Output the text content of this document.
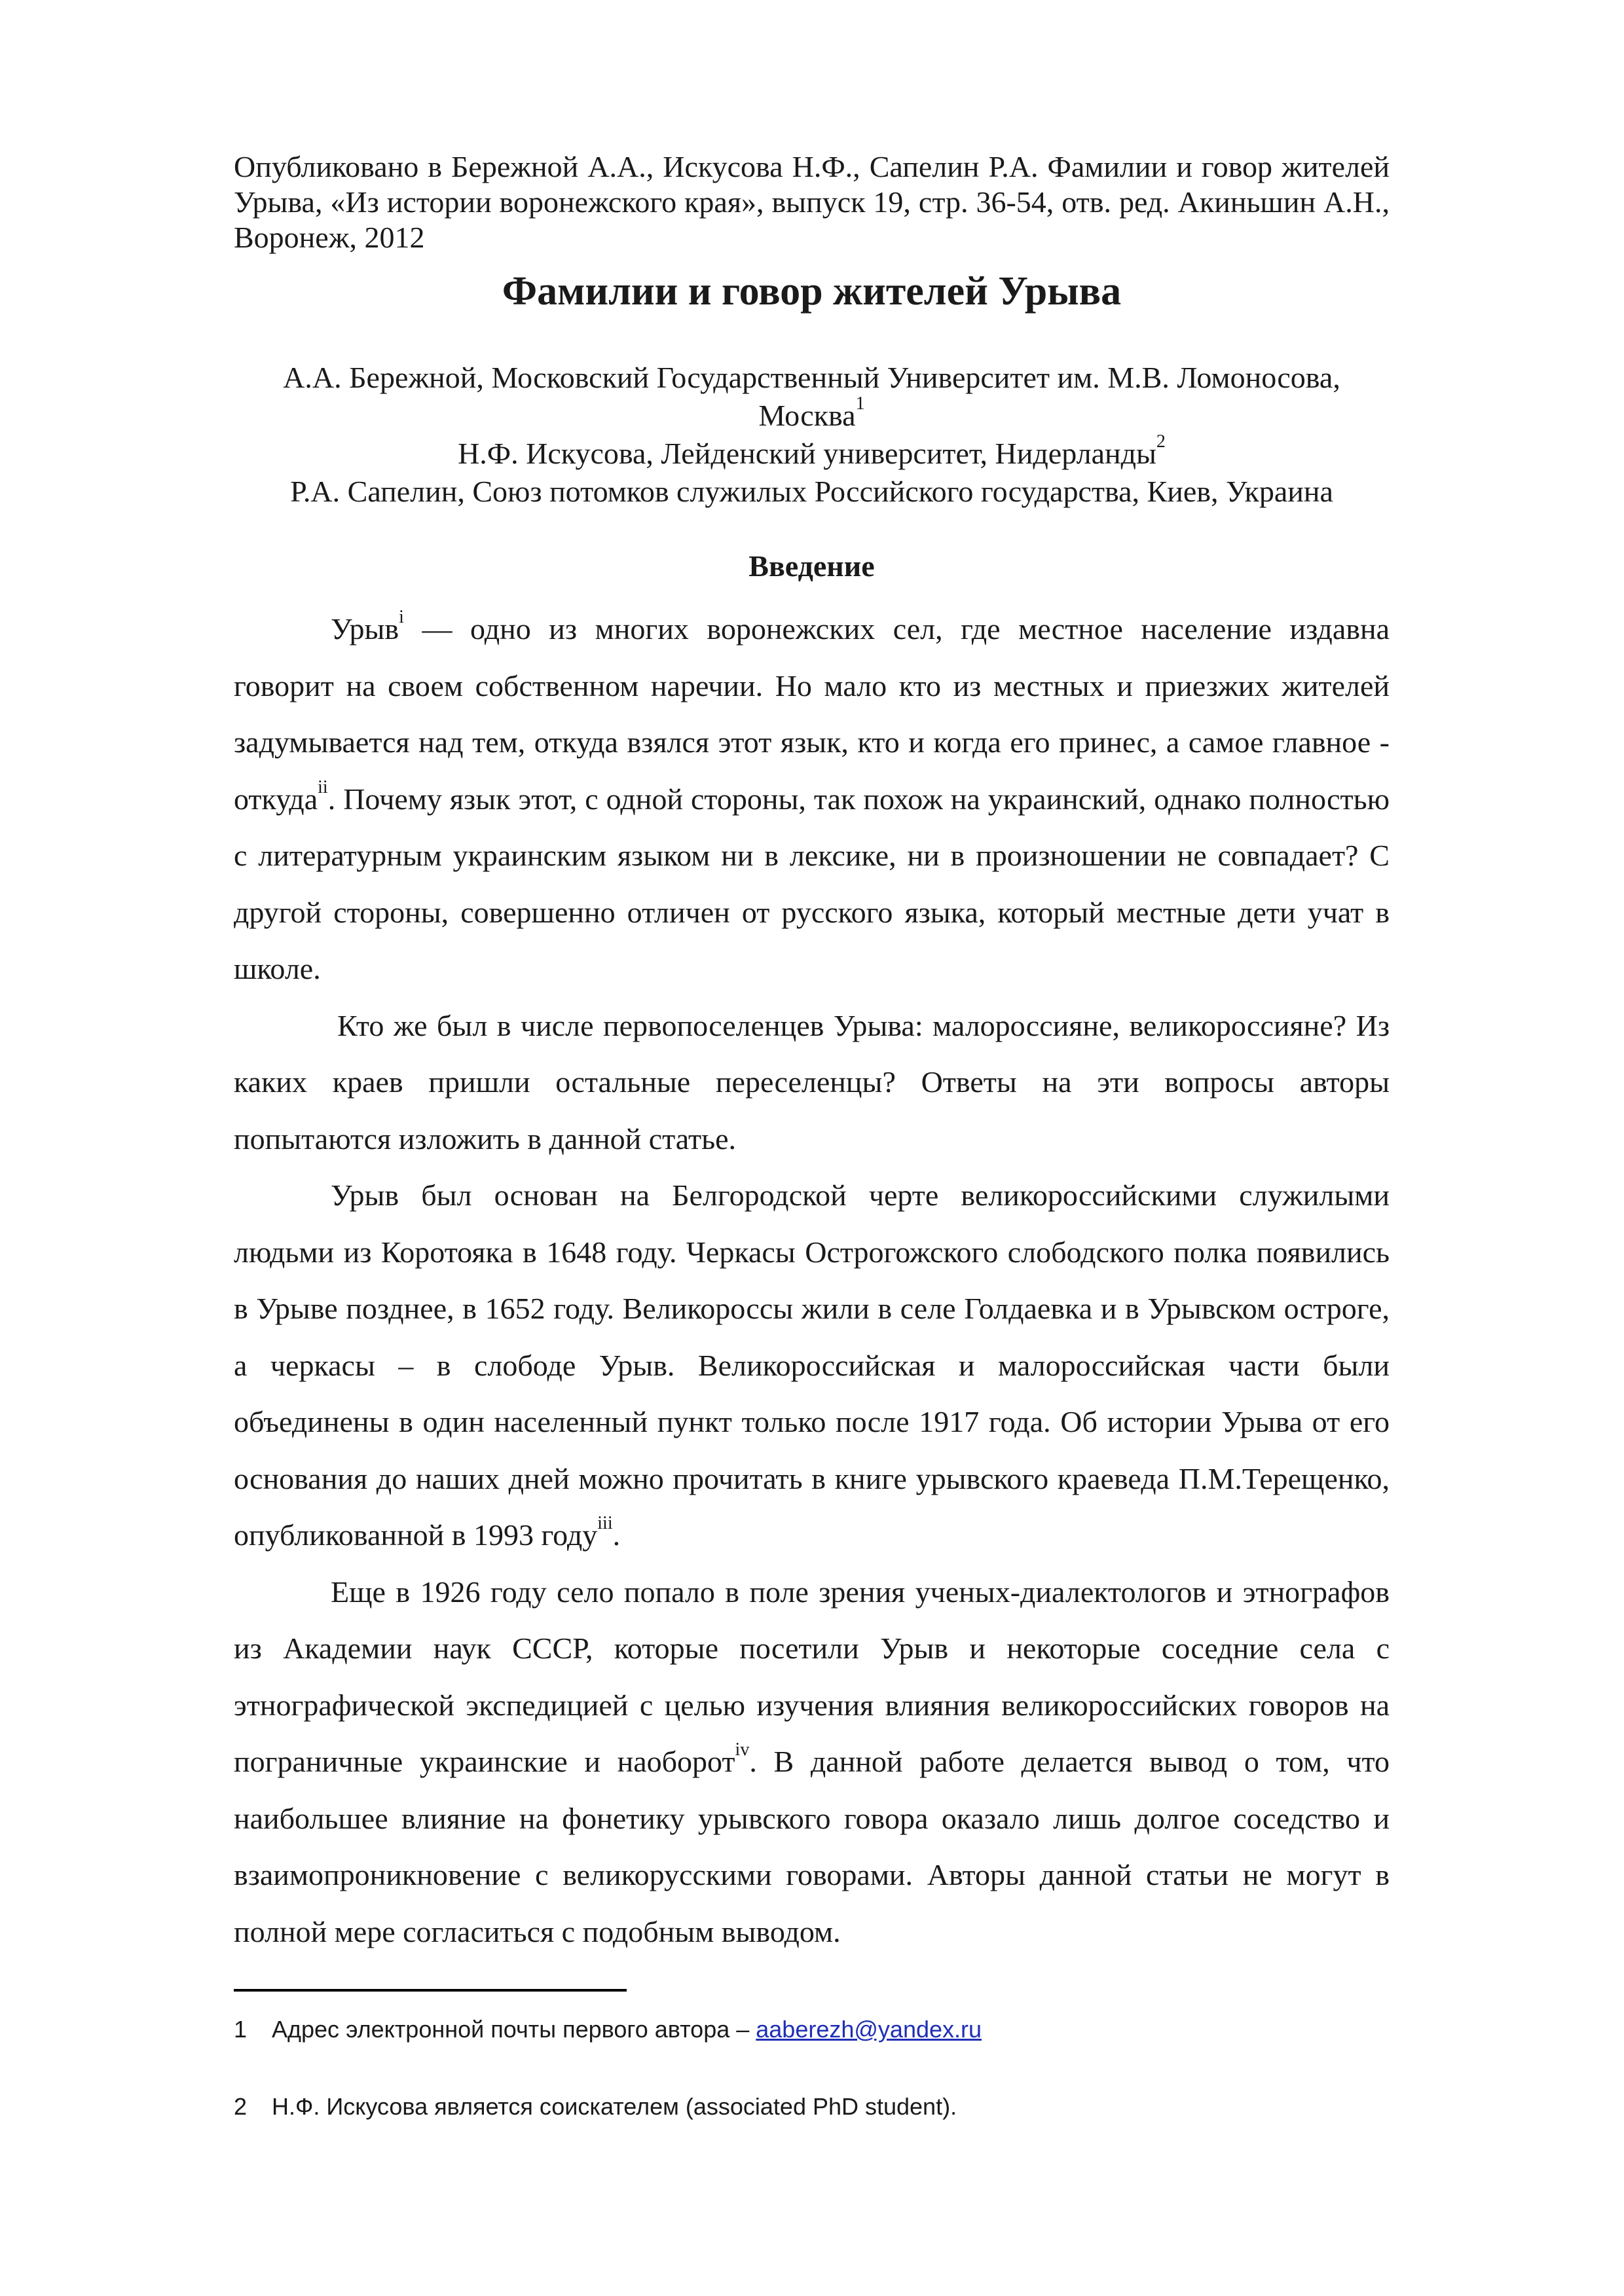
Опубликовано в Бережной А.А., Искусова Н.Ф., Сапелин Р.А. Фамилии и говор жителей Урыва, «Из истории воронежского края», выпуск 19, стр. 36-54, отв. ред. Акиньшин А.Н., Воронеж, 2012
Фамилии и говор жителей Урыва
А.А. Бережной, Московский Государственный Университет им. М.В. Ломоносова, Москва$^1$
Н.Ф. Искусова, Лейденский университет, Нидерланды$^2$
Р.А. Сапелин, Союз потомков служилых Российского государства, Киев, Украина
Введение

Урыв$^i$ — одно из многих воронежских сел, где местное население издавна говорит на своем собственном наречии. Но мало кто из местных и приезжих жителей задумывается над тем, откуда взялся этот язык, кто и когда его принес, а самое главное - откуда$^{ii}$. Почему язык этот, с одной стороны, так похож на украинский, однако полностью с литературным украинским языком ни в лексике, ни в произношении не совпадает? С другой стороны, совершенно отличен от русского языка, который местные дети учат в школе.

Кто же был в числе первопоселенцев Урыва: малороссияне, великороссияне? Из каких краев пришли остальные переселенцы? Ответы на эти вопросы авторы попытаются изложить в данной статье.

Урыв был основан на Белгородской черте великороссийскими служилыми людьми из Коротояка в 1648 году. Черкасы Острогожского слободского полка появились в Урыве позднее, в 1652 году. Великороссы жили в селе Голдаевка и в Урывском остроге, а черкасы – в слободе Урыв. Великороссийская и малороссийская части были объединены в один населенный пункт только после 1917 года. Об истории Урыва от его основания до наших дней можно прочитать в книге урывского краеведа П.М.Терещенко, опубликованной в 1993 году$^{iii}$.

Еще в 1926 году село попало в поле зрения ученых-диалектологов и этнографов из Академии наук СССР, которые посетили Урыв и некоторые соседние села с этнографической экспедицией с целью изучения влияния великороссийских говоров на пограничные украинские и наоборот$^{iv}$. В данной работе делается вывод о том, что наибольшее влияние на фонетику урывского говора оказало лишь долгое соседство и взаимопроникновение с великорусскими говорами. Авторы данной статьи не могут в полной мере согласиться с подобным выводом.

1 Адрес электронной почты первого автора – aaberezh@yandex.ru
2 Н.Ф. Искусова является соискателем (associated PhD student).
